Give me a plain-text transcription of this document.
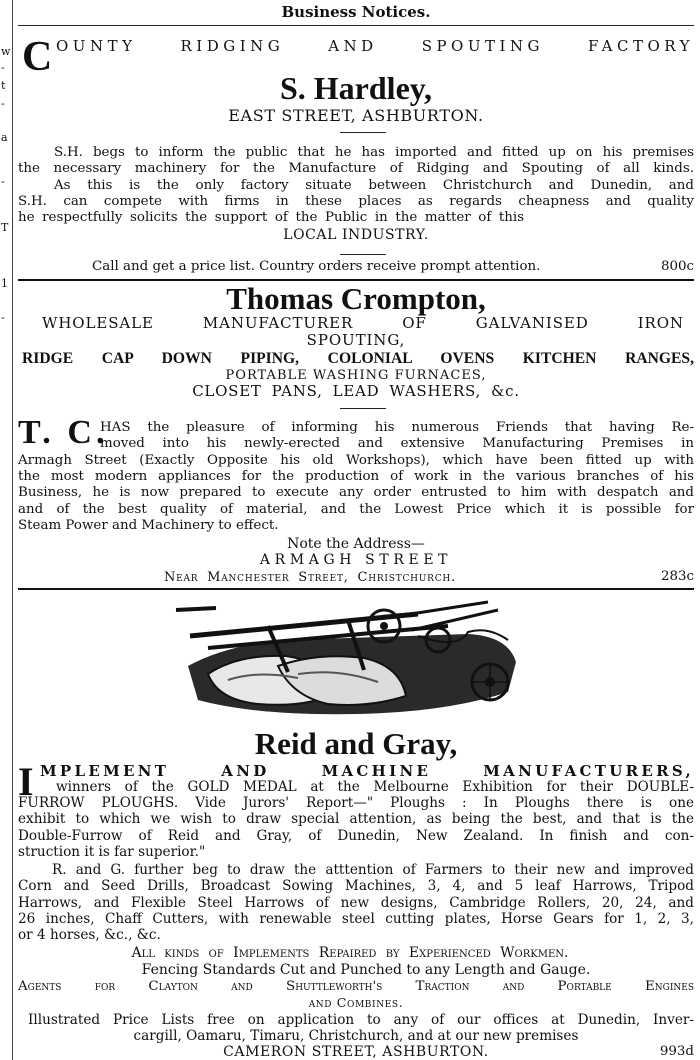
w
-
t
-
a
-
T
1
-
Business Notices.
C OUNTY	RIDGING	AND	SPOUTING	FACTORY
S. Hardley,
EAST STREET, ASHBURTON.
S.H. begs to inform the public that he has imported and fitted up on his premises
the necessary machinery for the Manufacture of Ridging and Spouting of all kinds.
As this is the only factory situate between Christchurch and Dunedin, and
S.H. can compete with firms in these places as regards cheapness and quality
he respectfully solicits the support of the Public in the matter of this
LOCAL INDUSTRY.
Call and get a price list. Country orders receive prompt attention.	800c
Thomas Crompton,
WHOLESALE	MANUFACTURER	OF	GALVANISED	IRON
SPOUTING,
RIDGE CAP DOWN PIPING, COLONIAL OVENS KITCHEN RANGES,
PORTABLE WASHING FURNACES,
CLOSET PANS, LEAD WASHERS, &c.
T. C.
HAS the pleasure of informing his numerous Friends that having Re-
moved into his newly-erected and extensive Manufacturing Premises in
Armagh Street (Exactly Opposite his old Workshops), which have been fitted up with
the most modern appliances for the production of work in the various branches of his
Business, he is now prepared to execute any order entrusted to him with despatch and
and of the best quality of material, and the Lowest Price which it is possible for
Steam Power and Machinery to effect.
Note the Address—
ARMAGH STREET
Near Manchester Street, Christchurch.	283c
Reid and Gray,
I MPLEMENT	AND	MACHINE	MANUFACTURERS,
winners of the GOLD MEDAL at the Melbourne Exhibition for their DOUBLE-
FURROW PLOUGHS. Vide Jurors' Report—" Ploughs : In Ploughs there is one
exhibit to which we wish to draw special attention, as being the best, and that is the
Double-Furrow of Reid and Gray, of Dunedin, New Zealand. In finish and con-
struction it is far superior."
R. and G. further beg to draw the atttention of Farmers to their new and improved
Corn and Seed Drills, Broadcast Sowing Machines, 3, 4, and 5 leaf Harrows, Tripod
Harrows, and Flexible Steel Harrows of new designs, Cambridge Rollers, 20, 24, and
26 inches, Chaff Cutters, with renewable steel cutting plates, Horse Gears for 1, 2, 3,
or 4 horses, &c., &c.
All kinds of Implements Repaired by Experienced Workmen.
Fencing Standards Cut and Punched to any Length and Gauge.
Agents for Clayton and Shuttleworth's Traction and Portable Engines
and Combines.
Illustrated Price Lists free on application to any of our offices at Dunedin, Inver-
cargill, Oamaru, Timaru, Christchurch, and at our new premises
CAMERON STREET, ASHBURTON.	993d
